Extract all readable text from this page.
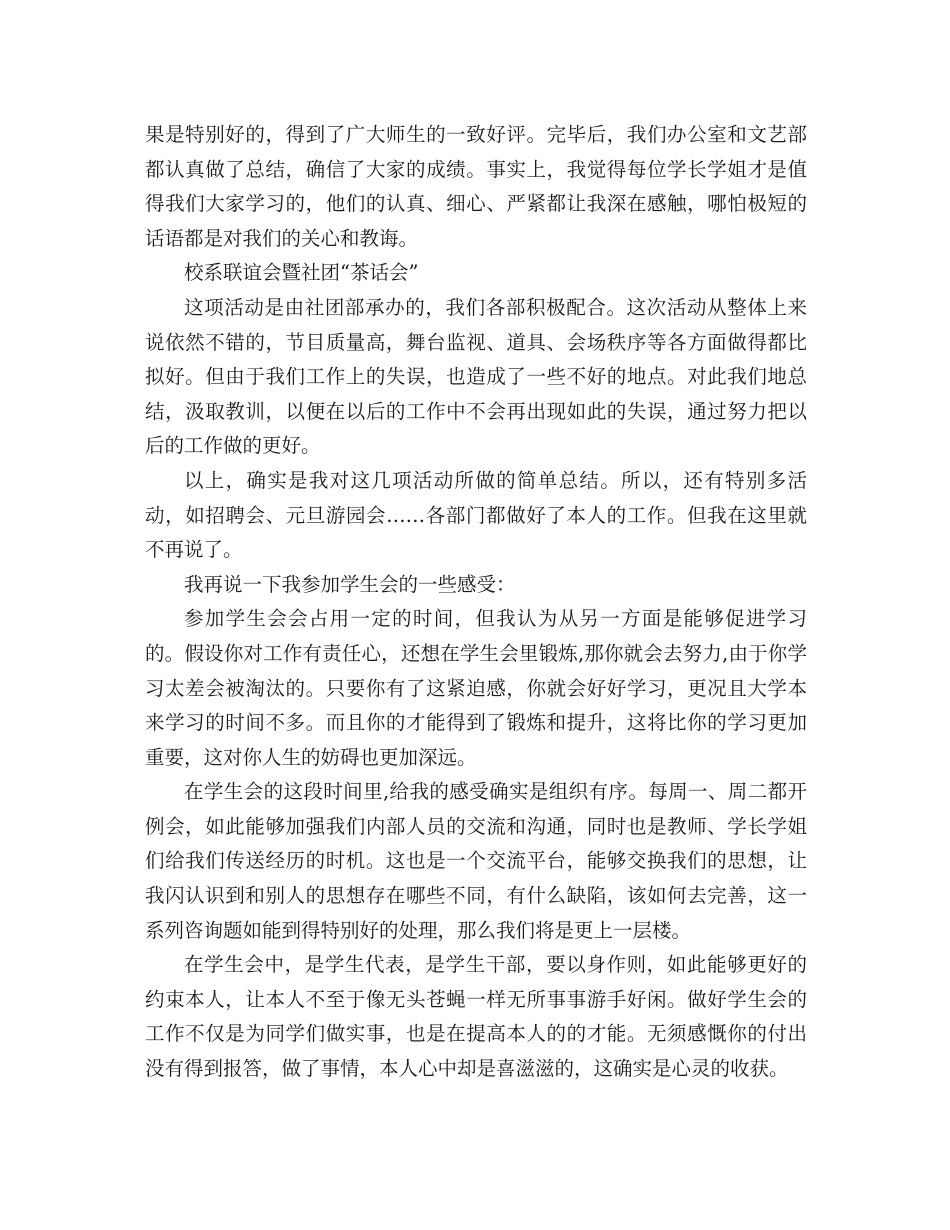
果是特别好的，得到了广大师生的一致好评。完毕后，我们办公室和文艺部都认真做了总结，确信了大家的成绩。事实上，我觉得每位学长学姐才是值得我们大家学习的，他们的认真、细心、严紧都让我深在感触，哪怕极短的话语都是对我们的关心和教诲。

校系联谊会暨社团“茶话会”

这项活动是由社团部承办的，我们各部积极配合。这次活动从整体上来说依然不错的，节目质量高，舞台监视、道具、会场秩序等各方面做得都比拟好。但由于我们工作上的失误，也造成了一些不好的地点。对此我们地总结，汲取教训，以便在以后的工作中不会再出现如此的失误，通过努力把以后的工作做的更好。

以上，确实是我对这几项活动所做的简单总结。所以，还有特别多活动，如招聘会、元旦游园会……各部门都做好了本人的工作。但我在这里就不再说了。

我再说一下我参加学生会的一些感受：

参加学生会会占用一定的时间，但我认为从另一方面是能够促进学习的。假设你对工作有责任心，还想在学生会里锻炼,那你就会去努力,由于你学习太差会被淘汰的。只要你有了这紧迫感，你就会好好学习，更况且大学本来学习的时间不多。而且你的才能得到了锻炼和提升，这将比你的学习更加重要，这对你人生的妨碍也更加深远。

在学生会的这段时间里,给我的感受确实是组织有序。每周一、周二都开例会，如此能够加强我们内部人员的交流和沟通，同时也是教师、学长学姐们给我们传送经历的时机。这也是一个交流平台，能够交换我们的思想，让我闪认识到和别人的思想存在哪些不同，有什么缺陷，该如何去完善，这一系列咨询题如能到得特别好的处理，那么我们将是更上一层楼。

在学生会中，是学生代表，是学生干部，要以身作则，如此能够更好的约束本人，让本人不至于像无头苍蝇一样无所事事游手好闲。做好学生会的工作不仅是为同学们做实事，也是在提高本人的的才能。无须感慨你的付出没有得到报答，做了事情，本人心中却是喜滋滋的，这确实是心灵的收获。
